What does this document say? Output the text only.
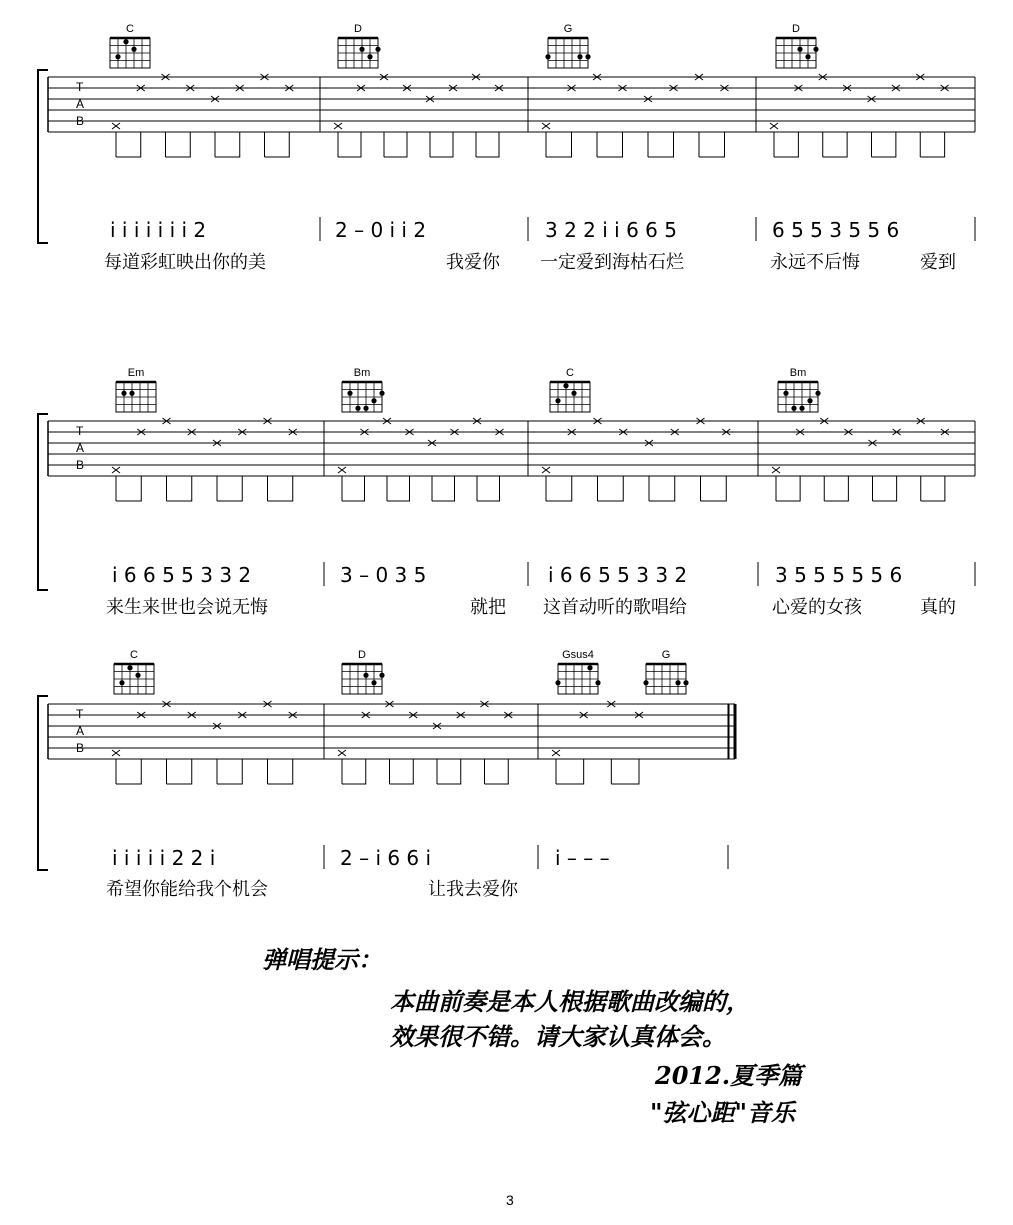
T
A
B
C	D	G	D
i i i i i i i 2	2 – 0 i i 2	3 2 2 i i 6 6 5	6 5 5 3 5 5 6
每道彩虹映出你的美	我爱你 一定爱到海枯石烂	永远不后悔	爱到
T
A
B
Em	Bm	C	Bm
i 6 6 5 5 3 3 2	3 – 0 3 5	i 6 6 5 5 3 3 2	3 5 5 5 5 5 6
来生来世也会说无悔	就把 这首动听的歌唱给	心爱的女孩	真的
T
A
B
C	D	Gsus4	G
i i i i i 2 2 i	2 – i 6 6 i	i – – –
希望你能给我个机会	让我去爱你
弹唱提示：
本曲前奏是本人根据歌曲改编的，
效果很不错。请大家认真体会。
2012.夏季篇
"弦心距"音乐
3
